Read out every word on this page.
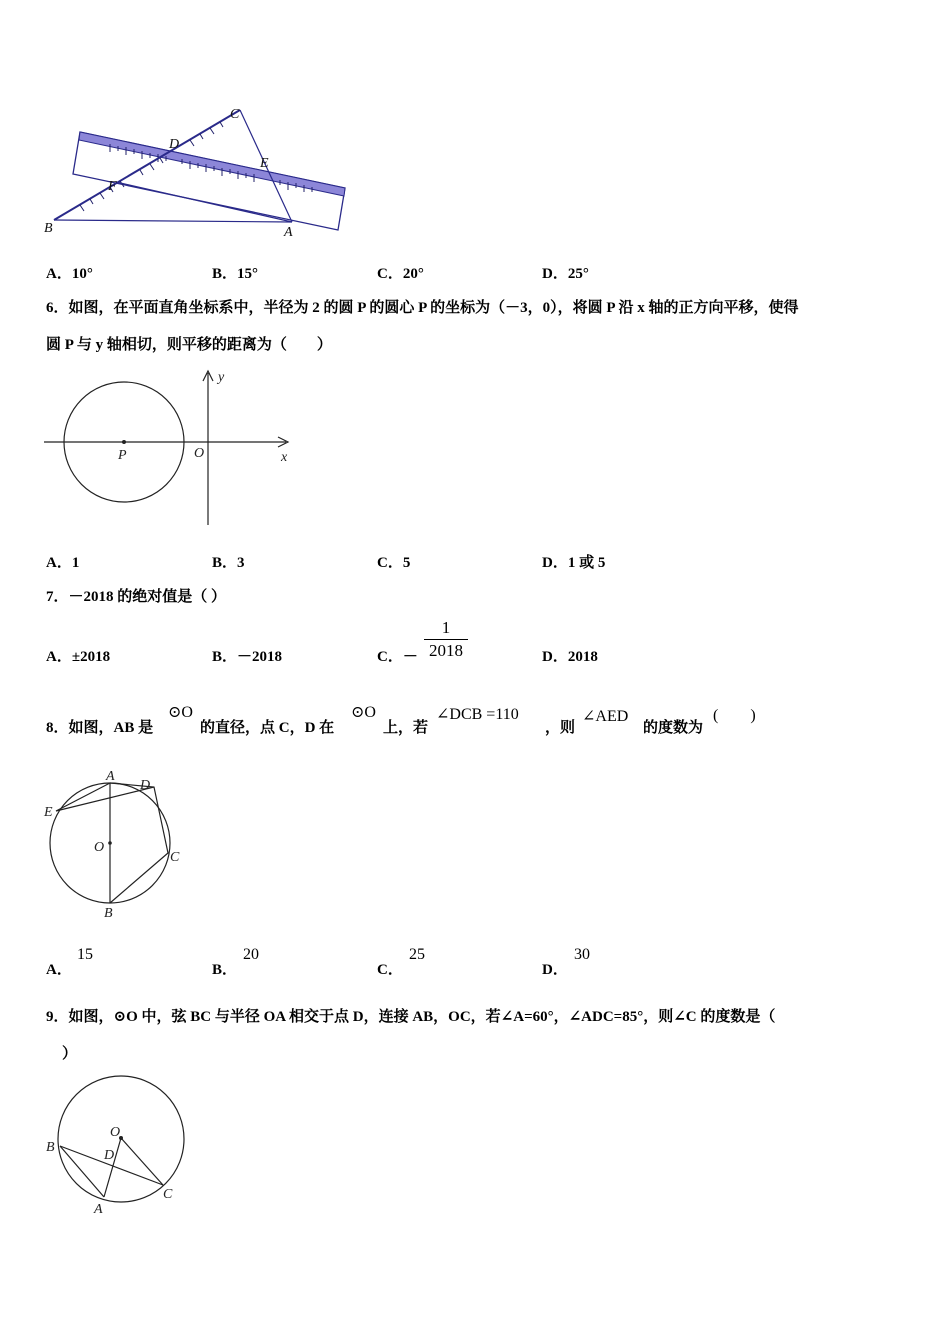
B	A
C
D
E
F
A．10°	B．15°	C．20°	D．25°
6．如图，在平面直角坐标系中，半径为 2 的圆 P 的圆心 P 的坐标为（－3，0），将圆 P 沿 x 轴的正方向平移，使得
圆 P 与 y 轴相切，则平移的距离为（　　）
P	O	x
y
A．1	B．3	C．5	D．1 或 5
7．－2018 的绝对值是（ ）
A．±2018	B．－2018	C．－
1
2018	D．2018
8．如图，AB 是
⊙O
的直径，点 C，D 在
⊙O
上，若
∠DCB =110
，则
∠AED
的度数为
(　　)
A
D
E
O
C
B
A．
15
B．
20
C．
25
D．
30
9．如图，⊙O 中，弦 BC 与半径 OA 相交于点 D，连接 AB，OC，若∠A=60°，∠ADC=85°，则∠C 的度数是（
）
B
O
D
A
C
